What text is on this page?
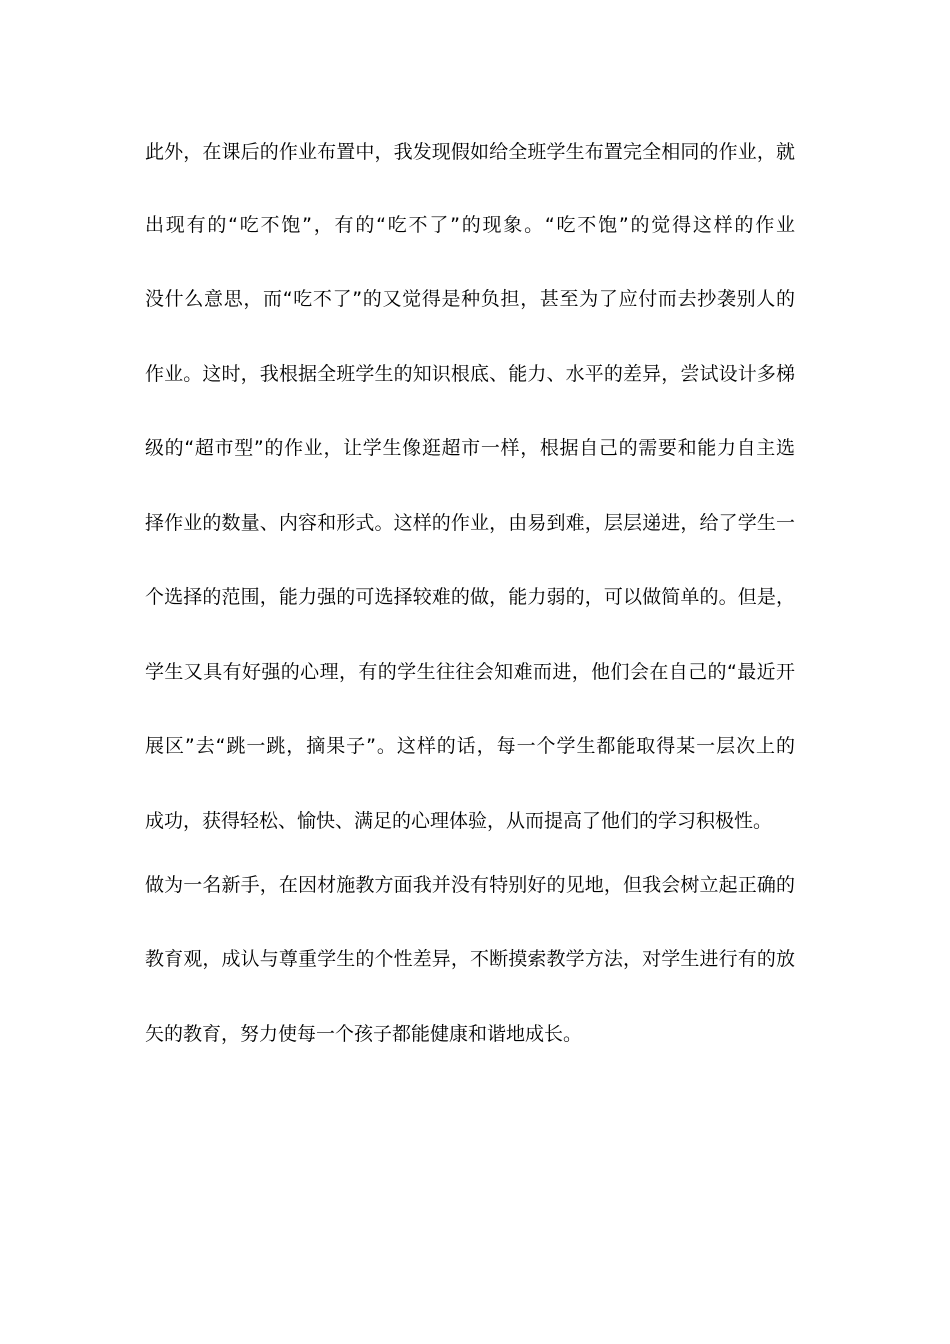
此外，在课后的作业布置中，我发现假如给全班学生布置完全相同的作业，就

出现有的“吃不饱”，有的“吃不了”的现象。“吃不饱”的觉得这样的作业

没什么意思，而“吃不了”的又觉得是种负担，甚至为了应付而去抄袭别人的

作业。这时，我根据全班学生的知识根底、能力、水平的差异，尝试设计多梯

级的“超市型”的作业，让学生像逛超市一样，根据自己的需要和能力自主选

择作业的数量、内容和形式。这样的作业，由易到难，层层递进，给了学生一

个选择的范围，能力强的可选择较难的做，能力弱的，可以做简单的。但是，

学生又具有好强的心理，有的学生往往会知难而进，他们会在自己的“最近开

展区”去“跳一跳，摘果子”。这样的话，每一个学生都能取得某一层次上的

成功，获得轻松、愉快、满足的心理体验，从而提高了他们的学习积极性。

做为一名新手，在因材施教方面我并没有特别好的见地，但我会树立起正确的

教育观，成认与尊重学生的个性差异，不断摸索教学方法，对学生进行有的放

矢的教育，努力使每一个孩子都能健康和谐地成长。
